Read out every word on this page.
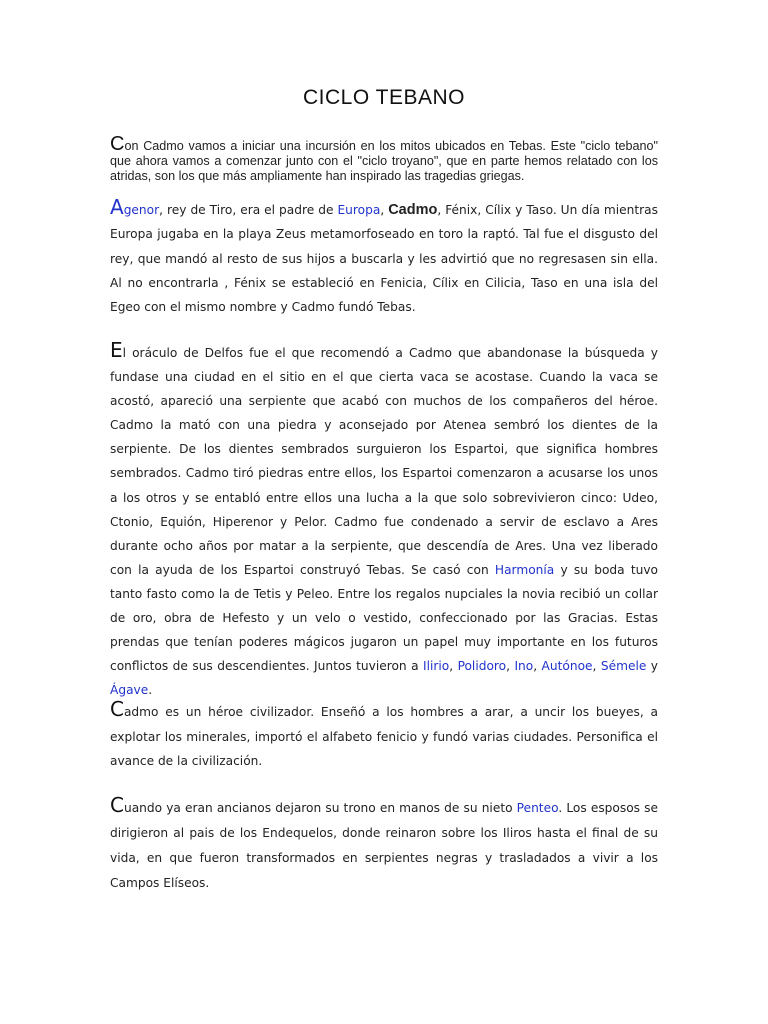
CICLO TEBANO

Con Cadmo vamos a iniciar una incursión en los mitos ubicados en Tebas. Este "ciclo tebano" que ahora vamos a comenzar junto con el "ciclo troyano", que en parte hemos relatado con los atridas, son los que más ampliamente han inspirado las tragedias griegas.

Agenor, rey de Tiro, era el padre de Europa, Cadmo, Fénix, Cílix y Taso. Un día mientras Europa jugaba en la playa Zeus metamorfoseado en toro la raptó. Tal fue el disgusto del rey, que mandó al resto de sus hijos a buscarla y les advirtió que no regresasen sin ella. Al no encontrarla , Fénix se estableció en Fenicia, Cílix en Cilicia, Taso en una isla del Egeo con el mismo nombre y Cadmo fundó Tebas.

El oráculo de Delfos fue el que recomendó a Cadmo que abandonase la búsqueda y fundase una ciudad en el sitio en el que cierta vaca se acostase. Cuando la vaca se acostó, apareció una serpiente que acabó con muchos de los compañeros del héroe. Cadmo la mató con una piedra y aconsejado por Atenea sembró los dientes de la serpiente. De los dientes sembrados surguieron los Espartoi, que significa hombres sembrados. Cadmo tiró piedras entre ellos, los Espartoi comenzaron a acusarse los unos a los otros y se entabló entre ellos una lucha a la que solo sobrevivieron cinco: Udeo, Ctonio, Equión, Hiperenor y Pelor. Cadmo fue condenado a servir de esclavo a Ares durante ocho años por matar a la serpiente, que descendía de Ares. Una vez liberado con la ayuda de los Espartoi construyó Tebas. Se casó con Harmonía y su boda tuvo tanto fasto como la de Tetis y Peleo. Entre los regalos nupciales la novia recibió un collar de oro, obra de Hefesto y un velo o vestido, confeccionado por las Gracias. Estas prendas que tenían poderes mágicos jugaron un papel muy importante en los futuros conflictos de sus descendientes. Juntos tuvieron a Ilirio, Polidoro, Ino, Autónoe, Sémele y Ágave.

Cadmo es un héroe civilizador. Enseñó a los hombres a arar, a uncir los bueyes, a explotar los minerales, importó el alfabeto fenicio y fundó varias ciudades. Personifica el avance de la civilización.

Cuando ya eran ancianos dejaron su trono en manos de su nieto Penteo. Los esposos se dirigieron al pais de los Endequelos, donde reinaron sobre los Iliros hasta el final de su vida, en que fueron transformados en serpientes negras y trasladados a vivir a los Campos Elíseos.
